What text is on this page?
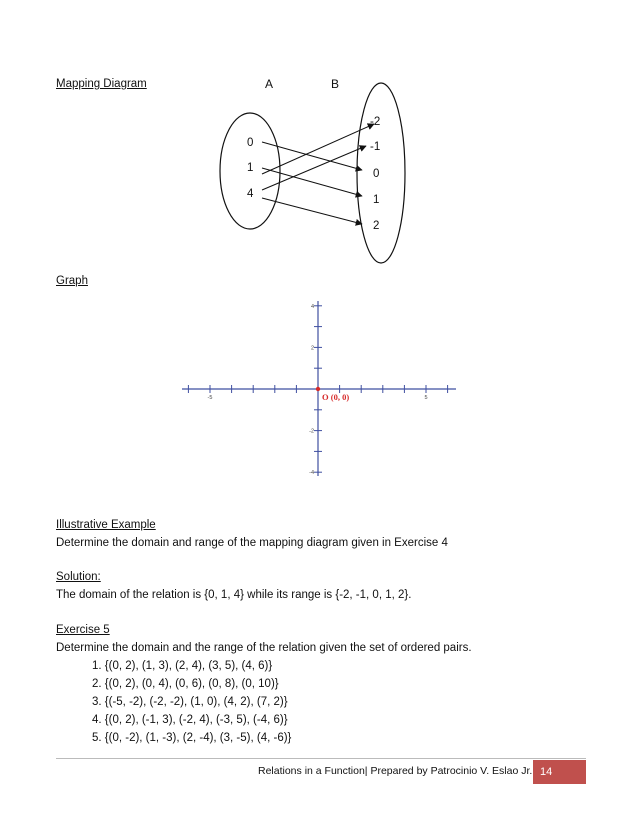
Mapping Diagram	A	B
0
1
4
-2
-1
0
1
2
Graph
-5	5
4
2
-2
-4
O (0, 0)
Illustrative Example
Determine the domain and range of the mapping diagram given in Exercise 4
Solution:
The domain of the relation is {0, 1, 4} while its range is {-2, -1, 0, 1, 2}.
Exercise 5
Determine the domain and the range of the relation given the set of ordered pairs.
1. {(0, 2), (1, 3), (2, 4), (3, 5), (4, 6)}
2. {(0, 2), (0, 4), (0, 6), (0, 8), (0, 10)}
3. {(-5, -2), (-2, -2), (1, 0), (4, 2), (7, 2)}
4. {(0, 2), (-1, 3), (-2, 4), (-3, 5), (-4, 6)}
5. {(0, -2), (1, -3), (2, -4), (3, -5), (4, -6)}
Relations in a Function| Prepared by Patrocinio V. Eslao Jr. 14
